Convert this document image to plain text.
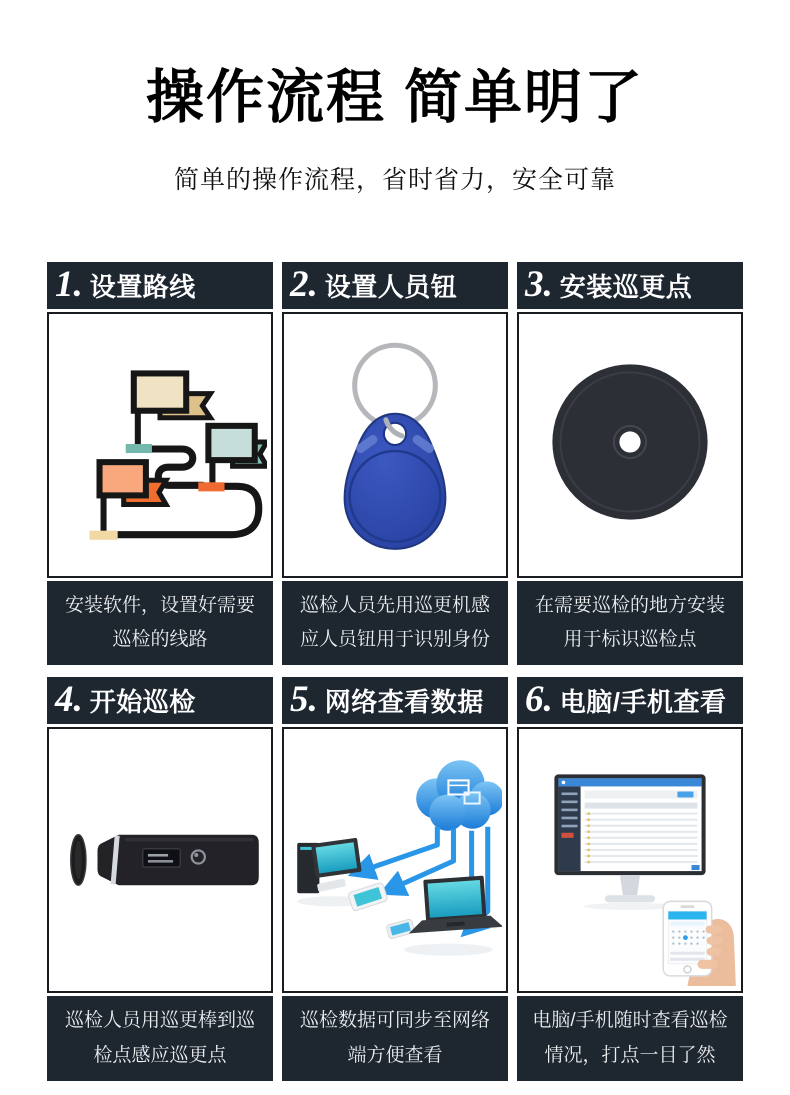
操作流程 简单明了
简单的操作流程，省时省力，安全可靠
1. 设置路线
安装软件，设置好需要巡检的线路
2. 设置人员钮
巡检人员先用巡更机感应人员钮用于识别身份
3. 安装巡更点
在需要巡检的地方安装用于标识巡检点
4. 开始巡检
巡检人员用巡更棒到巡检点感应巡更点
5. 网络查看数据
巡检数据可同步至网络端方便查看
6. 电脑/手机查看
电脑/手机随时查看巡检情况，打点一目了然
